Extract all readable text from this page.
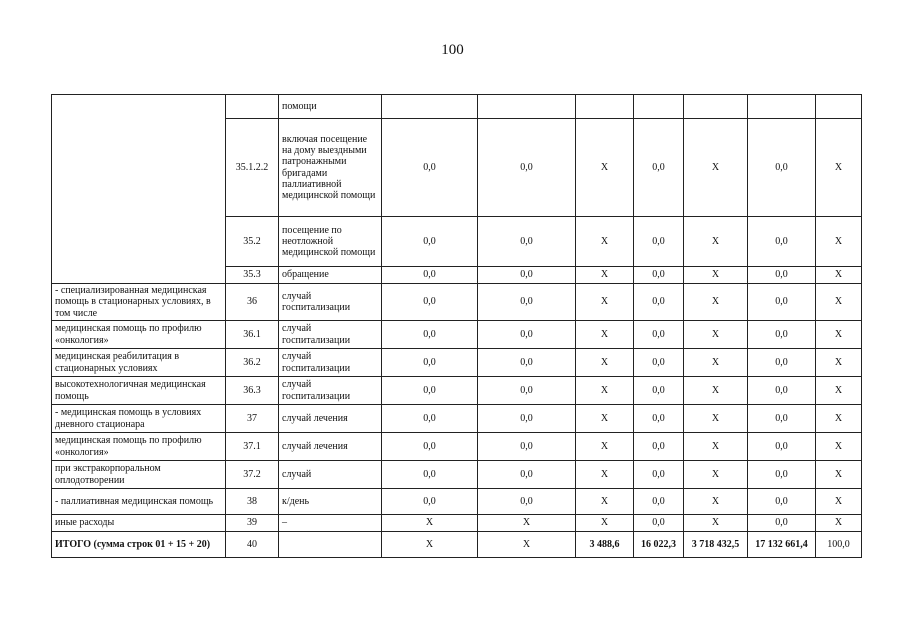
100
		помощи							
	35.1.2.2	включая посещение на дому выездными патронажными бригадами паллиативной медицинской помощи	0,0	0,0	X	0,0	X	0,0	X
	35.2	посещение по неотложной медицинской помощи	0,0	0,0	X	0,0	X	0,0	X
	35.3	обращение	0,0	0,0	X	0,0	X	0,0	X
- специализированная медицинская помощь в стационарных условиях, в том числе	36	случай госпитализации	0,0	0,0	X	0,0	X	0,0	X
медицинская помощь по профилю «онкология»	36.1	случай госпитализации	0,0	0,0	X	0,0	X	0,0	X
медицинская реабилитация в стационарных условиях	36.2	случай госпитализации	0,0	0,0	X	0,0	X	0,0	X
высокотехнологичная медицинская помощь	36.3	случай госпитализации	0,0	0,0	X	0,0	X	0,0	X
- медицинская помощь в условиях дневного стационара	37	случай лечения	0,0	0,0	X	0,0	X	0,0	X
медицинская помощь по профилю «онкология»	37.1	случай лечения	0,0	0,0	X	0,0	X	0,0	X
при экстракорпоральном оплодотворении	37.2	случай	0,0	0,0	X	0,0	X	0,0	X
- паллиативная медицинская помощь	38	к/день	0,0	0,0	X	0,0	X	0,0	X
иные расходы	39	–	X	X	X	0,0	X	0,0	X
ИТОГО (сумма строк 01 + 15 + 20)	40		X	X	3 488,6	16 022,3	3 718 432,5	17 132 661,4	100,0
